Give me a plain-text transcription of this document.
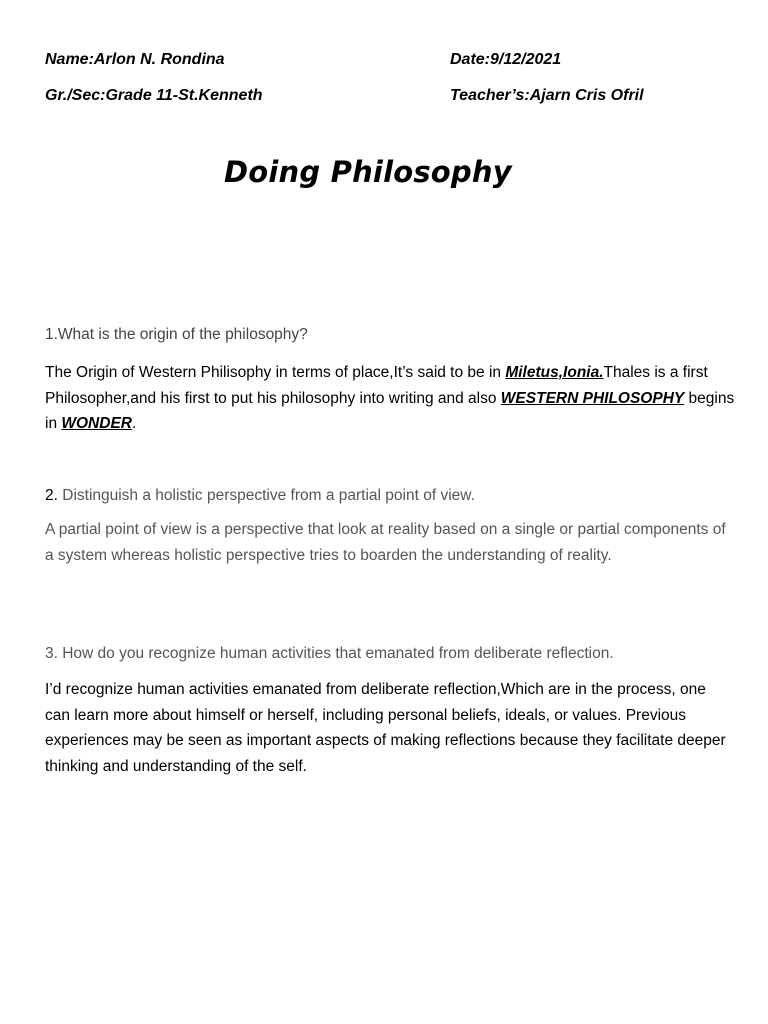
Name:Arlon N. Rondina	Date:9/12/2021
Gr./Sec:Grade 11-St.Kenneth	Teacher’s:Ajarn Cris Ofril
Doing Philosophy
1.What is the origin of the philosophy?
The Origin of Western Philisophy in terms of place,It’s said to be in Miletus,Ionia.Thales is a first Philosopher,and his first to put his philosophy into writing and also WESTERN PHILOSOPHY begins in WONDER.
2. Distinguish a holistic perspective from a partial point of view.
A partial point of view is a perspective that look at reality based on a single or partial components of a system whereas holistic perspective tries to boarden the understanding of reality.
3. How do you recognize human activities that emanated from deliberate reflection.
I’d recognize human activities emanated from deliberate reflection,Which are in the process, one can learn more about himself or herself, including personal beliefs, ideals, or values. Previous experiences may be seen as important aspects of making reflections because they facilitate deeper thinking and understanding of the self.
